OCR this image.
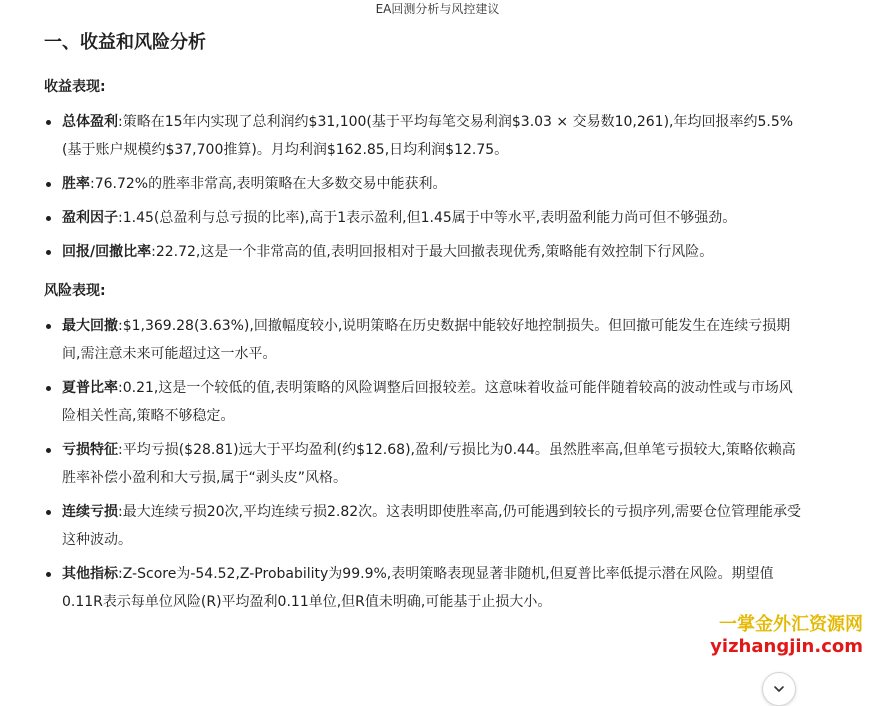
EA回测分析与风控建议
一、收益和风险分析
收益表现:
总体盈利:策略在15年内实现了总利润约$31,100(基于平均每笔交易利润$3.03 × 交易数10,261),年均回报率约5.5%(基于账户规模约$37,700推算)。月均利润$162.85,日均利润$12.75。
胜率:76.72%的胜率非常高,表明策略在大多数交易中能获利。
盈利因子:1.45(总盈利与总亏损的比率),高于1表示盈利,但1.45属于中等水平,表明盈利能力尚可但不够强劲。
回报/回撤比率:22.72,这是一个非常高的值,表明回报相对于最大回撤表现优秀,策略能有效控制下行风险。
风险表现:
最大回撤:$1,369.28(3.63%),回撤幅度较小,说明策略在历史数据中能较好地控制损失。但回撤可能发生在连续亏损期间,需注意未来可能超过这一水平。
夏普比率:0.21,这是一个较低的值,表明策略的风险调整后回报较差。这意味着收益可能伴随着较高的波动性或与市场风险相关性高,策略不够稳定。
亏损特征:平均亏损($28.81)远大于平均盈利(约$12.68),盈利/亏损比为0.44。虽然胜率高,但单笔亏损较大,策略依赖高胜率补偿小盈利和大亏损,属于“剥头皮”风格。
连续亏损:最大连续亏损20次,平均连续亏损2.82次。这表明即使胜率高,仍可能遇到较长的亏损序列,需要仓位管理能承受这种波动。
其他指标:Z-Score为-54.52,Z-Probability为99.9%,表明策略表现显著非随机,但夏普比率低提示潜在风险。期望值0.11R表示每单位风险(R)平均盈利0.11单位,但R值未明确,可能基于止损大小。
一掌金外汇资源网
yizhangjin.com
